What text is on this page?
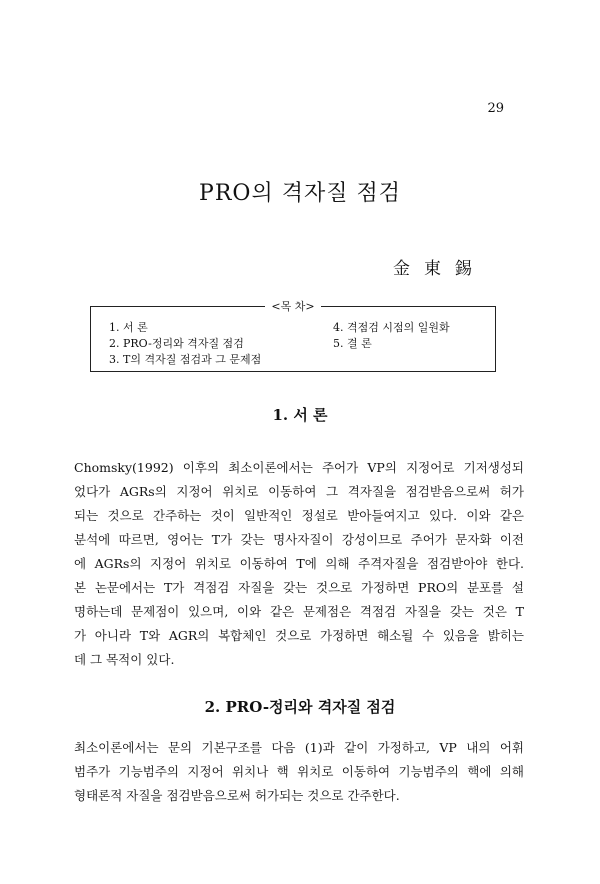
29
PRO의 격자질 점검
金東錫
<목 차>
1. 서 론
2. PRO-정리와 격자질 점검
3. T의 격자질 점검과 그 문제점
4. 격점검 시점의 일원화
5. 결 론
1. 서 론
Chomsky(1992) 이후의 최소이론에서는 주어가 VP의 지정어로 기저생성되
었다가 AGRs의 지정어 위치로 이동하여 그 격자질을 점검받음으로써 허가
되는 것으로 간주하는 것이 일반적인 정설로 받아들여지고 있다. 이와 같은
분석에 따르면, 영어는 T가 갖는 명사자질이 강성이므로 주어가 문자화 이전
에 AGRs의 지정어 위치로 이동하여 T에 의해 주격자질을 점검받아야 한다.
본 논문에서는 T가 격점검 자질을 갖는 것으로 가정하면 PRO의 분포를 설
명하는데 문제점이 있으며, 이와 같은 문제점은 격점검 자질을 갖는 것은 T
가 아니라 T와 AGR의 복합체인 것으로 가정하면 해소될 수 있음을 밝히는
데 그 목적이 있다.
2. PRO-정리와 격자질 점검
최소이론에서는 문의 기본구조를 다음 (1)과 같이 가정하고, VP 내의 어휘
범주가 기능범주의 지정어 위치나 핵 위치로 이동하여 기능범주의 핵에 의해
형태론적 자질을 점검받음으로써 허가되는 것으로 간주한다.
